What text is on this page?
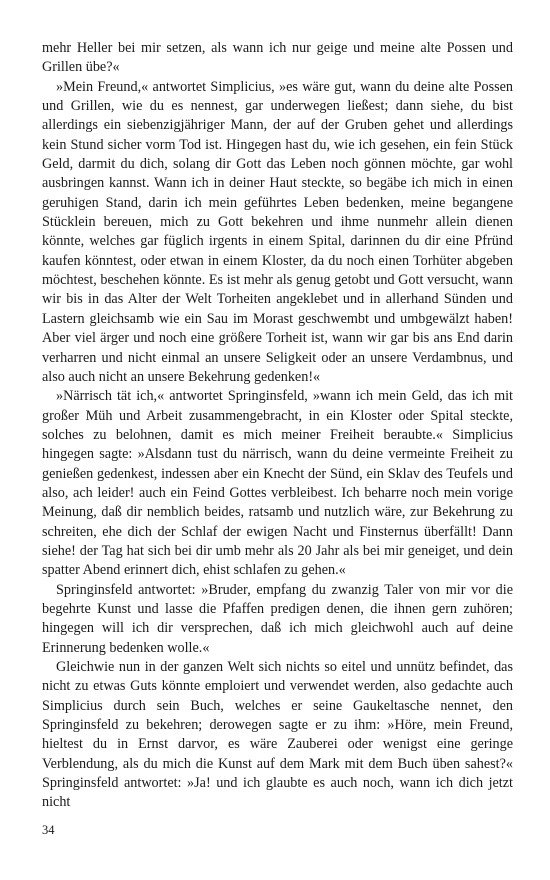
mehr Heller bei mir setzen, als wann ich nur geige und meine alte Possen und Grillen übe?«

»Mein Freund,« antwortet Simplicius, »es wäre gut, wann du deine alte Possen und Grillen, wie du es nennest, gar underwegen ließest; dann siehe, du bist allerdings ein siebenzigjähriger Mann, der auf der Gruben gehet und allerdings kein Stund sicher vorm Tod ist. Hingegen hast du, wie ich gesehen, ein fein Stück Geld, darmit du dich, solang dir Gott das Leben noch gönnen möchte, gar wohl ausbringen kannst. Wann ich in deiner Haut steckte, so begäbe ich mich in einen geruhigen Stand, darin ich mein geführtes Leben bedenken, meine begangene Stücklein bereuen, mich zu Gott bekehren und ihme nunmehr allein dienen könnte, welches gar füglich irgents in einem Spital, darinnen du dir eine Pfründ kaufen könntest, oder etwan in einem Kloster, da du noch einen Torhüter abgeben möchtest, beschehen könnte. Es ist mehr als genug getobt und Gott versucht, wann wir bis in das Alter der Welt Torheiten angeklebet und in allerhand Sünden und Lastern gleichsamb wie ein Sau im Morast geschwembt und umbgewälzt haben! Aber viel ärger und noch eine größere Torheit ist, wann wir gar bis ans End darin verharren und nicht einmal an unsere Seligkeit oder an unsere Verdambnus, und also auch nicht an unsere Bekehrung gedenken!«

»Närrisch tät ich,« antwortet Springinsfeld, »wann ich mein Geld, das ich mit großer Müh und Arbeit zusammengebracht, in ein Kloster oder Spital steckte, solches zu belohnen, damit es mich meiner Freiheit beraubte.« Simplicius hingegen sagte: »Alsdann tust du närrisch, wann du deine vermeinte Freiheit zu genießen gedenkest, indessen aber ein Knecht der Sünd, ein Sklav des Teufels und also, ach leider! auch ein Feind Gottes verbleibest. Ich beharre noch mein vorige Meinung, daß dir nemblich beides, ratsamb und nutzlich wäre, zur Bekehrung zu schreiten, ehe dich der Schlaf der ewigen Nacht und Finsternus überfällt! Dann siehe! der Tag hat sich bei dir umb mehr als 20 Jahr als bei mir geneiget, und dein spatter Abend erinnert dich, ehist schlafen zu gehen.«

Springinsfeld antwortet: »Bruder, empfang du zwanzig Taler von mir vor die begehrte Kunst und lasse die Pfaffen predigen denen, die ihnen gern zuhören; hingegen will ich dir versprechen, daß ich mich gleichwohl auch auf deine Erinnerung bedenken wolle.«

Gleichwie nun in der ganzen Welt sich nichts so eitel und unnütz befindet, das nicht zu etwas Guts könnte emploiert und verwendet werden, also gedachte auch Simplicius durch sein Buch, welches er seine Gaukeltasche nennet, den Springinsfeld zu bekehren; derowegen sagte er zu ihm: »Höre, mein Freund, hieltest du in Ernst darvor, es wäre Zauberei oder wenigst eine geringe Verblendung, als du mich die Kunst auf dem Mark mit dem Buch üben sahest?« Springinsfeld antwortet: »Ja! und ich glaubte es auch noch, wann ich dich jetzt nicht

34
